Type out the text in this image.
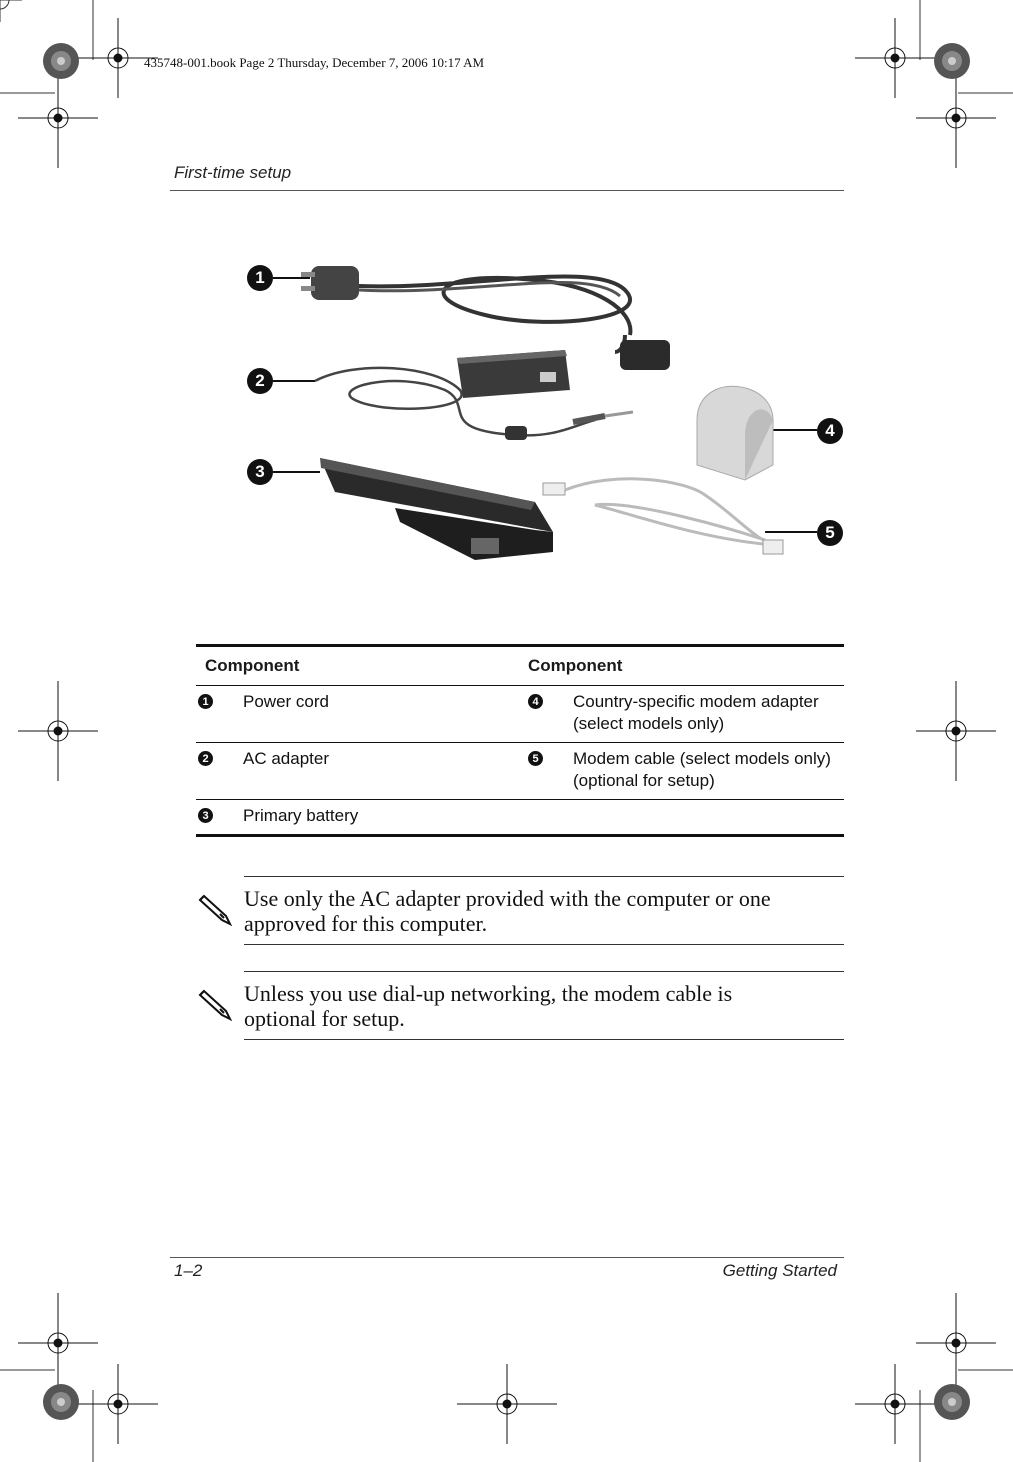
435748-001.book Page 2 Thursday, December 7, 2006 10:17 AM
First-time setup
1
2
3
4
5
Component	Component
1 Power cord	4 Country-specific modem adapter
(select models only)
2 AC adapter	5 Modem cable (select models only)
(optional for setup)
3 Primary battery
Use only the AC adapter provided with the computer or one approved for this computer.
Unless you use dial-up networking, the modem cable is optional for setup.
1–2	Getting Started
